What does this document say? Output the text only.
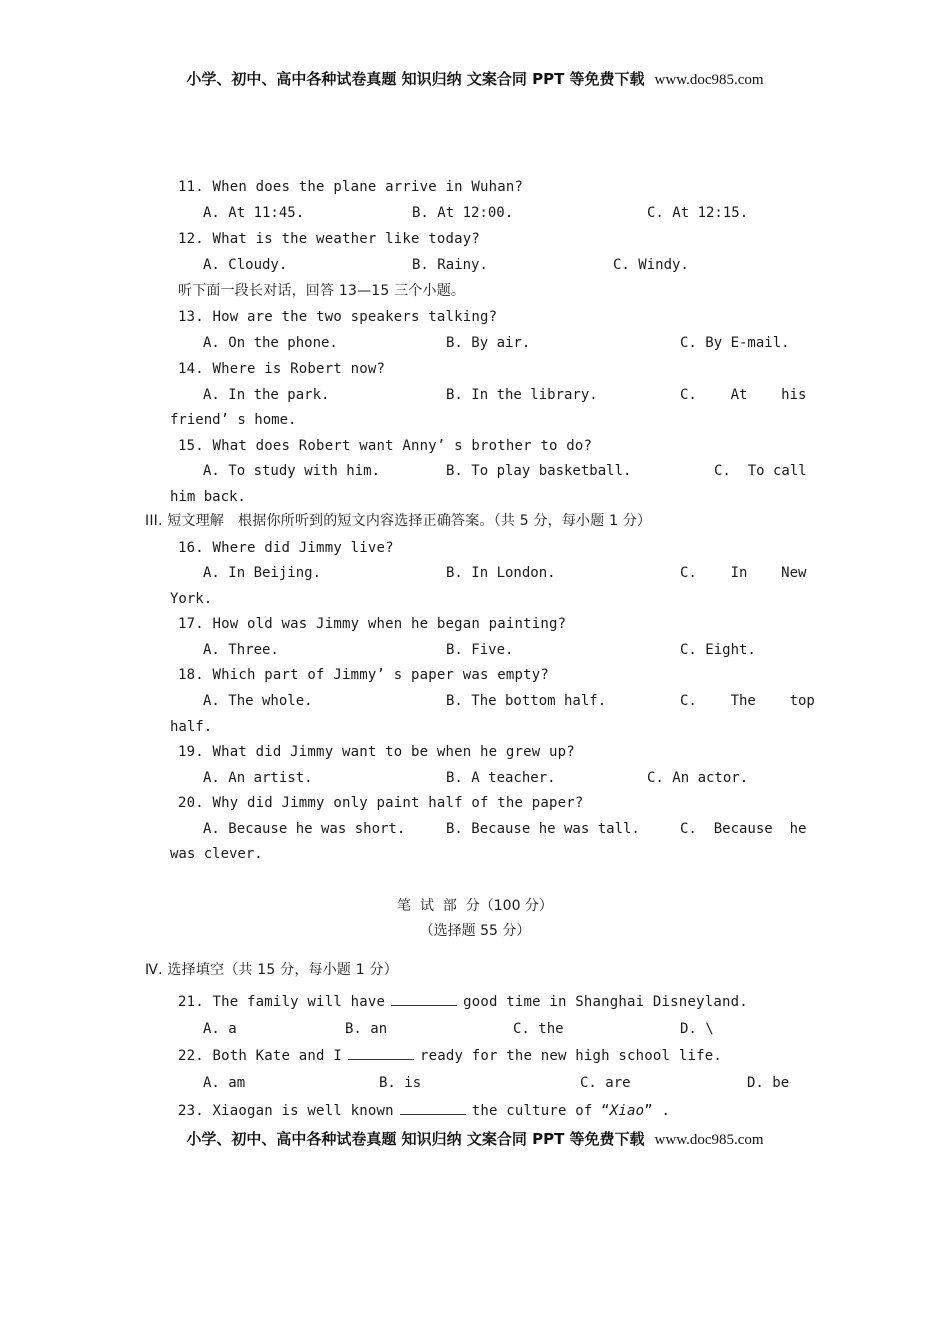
小学、初中、高中各种试卷真题 知识归纳 文案合同 PPT 等免费下载 www.doc985.com
11. When does the plane arrive in Wuhan?
A. At 11:45.	B. At 12:00.	C. At 12:15.
12. What is the weather like today?
A. Cloudy.	B. Rainy.	C. Windy.
听下面一段长对话，回答 13—15 三个小题。
13. How are the two speakers talking?
A. On the phone.	B. By air.	C. By E-mail.
14. Where is Robert now?
A. In the park.	B. In the library.	C.    At    his
friend’ s home.
15. What does Robert want Anny’ s brother to do?
A. To study with him.	B. To play basketball.	C.  To call
him back.
III. 短文理解 根据你所听到的短文内容选择正确答案。（共 5 分，每小题 1 分）
16. Where did Jimmy live?
A. In Beijing.	B. In London.	C.    In    New
York.
17. How old was Jimmy when he began painting?
A. Three.	B. Five.	C. Eight.
18. Which part of Jimmy’ s paper was empty?
A. The whole.	B. The bottom half.	C.    The    top
half.
19. What did Jimmy want to be when he grew up?
A. An artist.	B. A teacher.	C. An actor.
20. Why did Jimmy only paint half of the paper?
A. Because he was short.	B. Because he was tall.	C.  Because  he
was clever.
笔  试  部  分（100 分）
（选择题 55 分）
Ⅳ. 选择填空（共 15 分，每小题 1 分）
21. The family will have	good time in Shanghai Disneyland.
A. a	B. an	C. the	D. \
22. Both Kate and I	ready for the new high school life.
A. am	B. is	C. are	D. be
23. Xiaogan is well known	the culture of “Xiao” .
小学、初中、高中各种试卷真题 知识归纳 文案合同 PPT 等免费下载 www.doc985.com
